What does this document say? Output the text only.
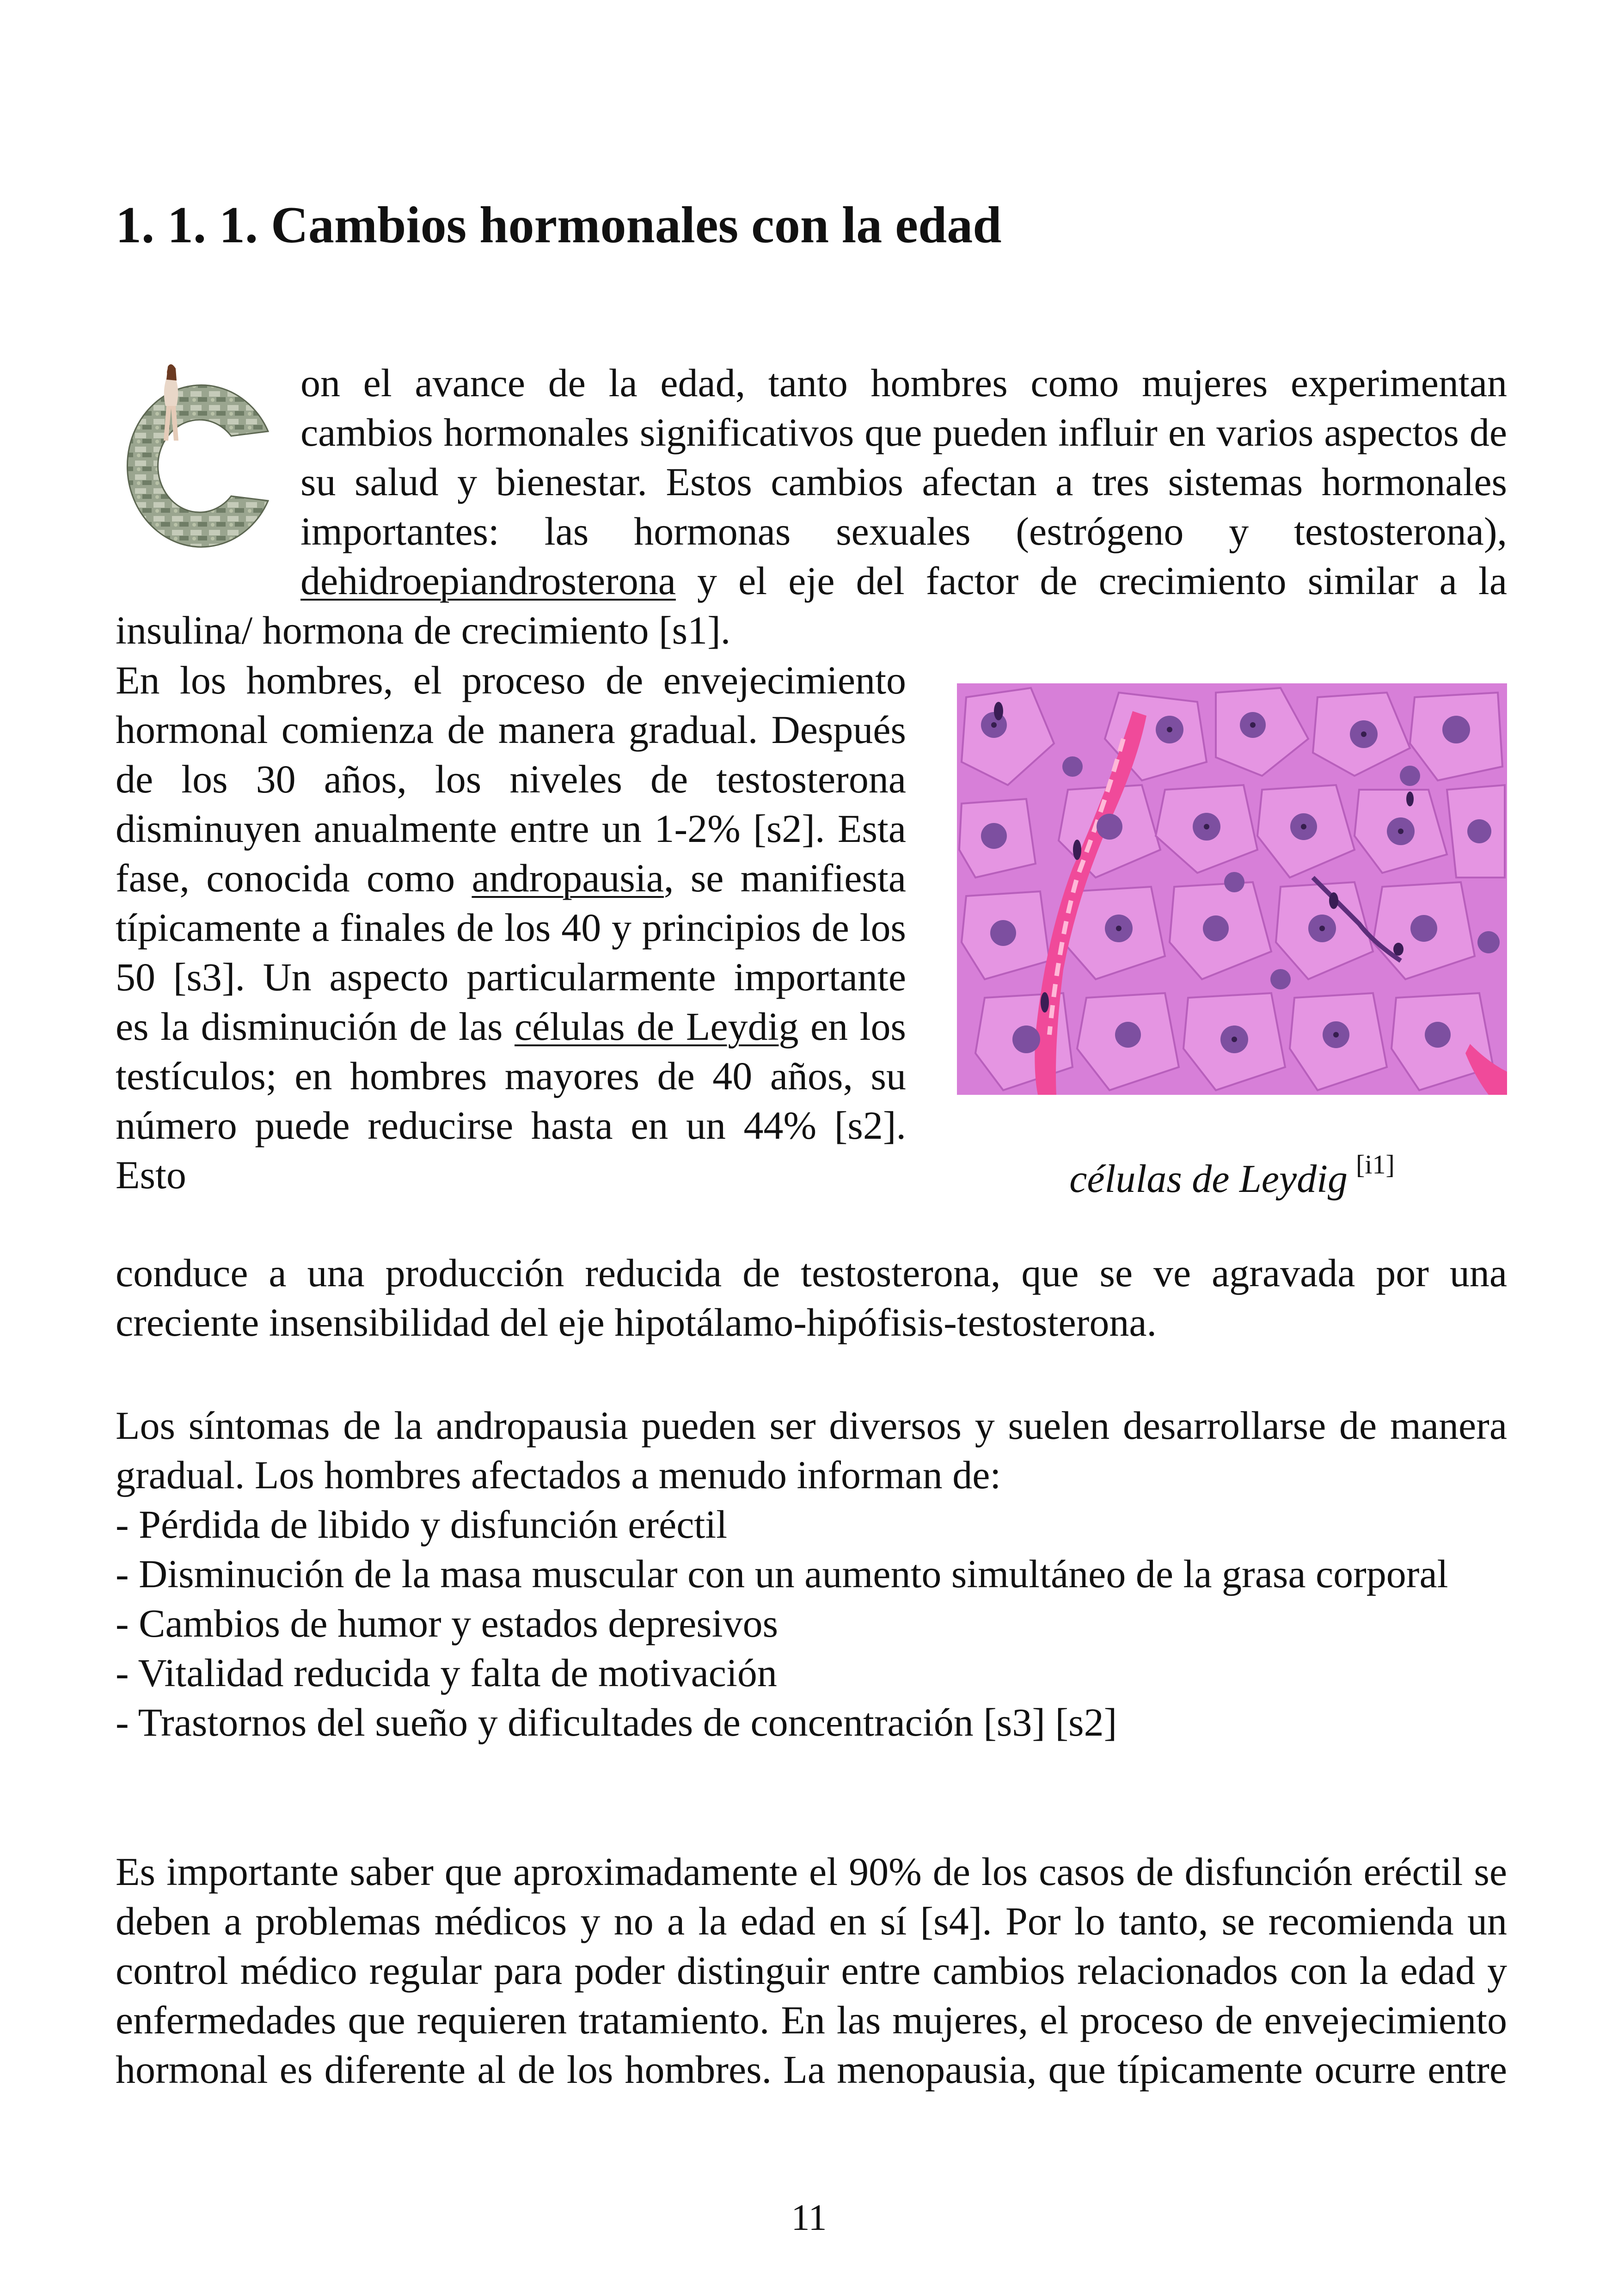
1. 1. 1. Cambios hormonales con la edad

on el avance de la edad, tanto hombres como mujeres experimentan cambios hormonales significativos que pueden influir en varios aspectos de su salud y bienestar. Estos cambios afectan a tres sistemas hormonales importantes: las hormonas sexuales (estrógeno y testosterona), dehidroepiandrosterona y el eje del factor de crecimiento similar a la insulina/ hormona de crecimiento [s1].

En los hombres, el proceso de envejecimiento hormonal comienza de manera gradual. Después de los 30 años, los niveles de testosterona disminuyen anualmente entre un 1-2% [s2]. Esta fase, conocida como andropausia, se manifiesta típicamente a finales de los 40 y principios de los 50 [s3]. Un aspecto particularmente importante es la disminución de las células de Leydig en los testículos; en hombres mayores de 40 años, su número puede reducirse hasta en un 44% [s2]. Esto	células de Leydig [i1]

conduce a una producción reducida de testosterona, que se ve agravada por una creciente insensibilidad del eje hipotálamo-hipófisis-testosterona.

Los síntomas de la andropausia pueden ser diversos y suelen desarrollarse de manera gradual. Los hombres afectados a menudo informan de:

- Pérdida de libido y disfunción eréctil

- Disminución de la masa muscular con un aumento simultáneo de la grasa corporal

- Cambios de humor y estados depresivos

- Vitalidad reducida y falta de motivación

- Trastornos del sueño y dificultades de concentración [s3] [s2]

Es importante saber que aproximadamente el 90% de los casos de disfunción eréctil se deben a problemas médicos y no a la edad en sí [s4]. Por lo tanto, se recomienda un control médico regular para poder distinguir entre cambios relacionados con la edad y enfermedades que requieren tratamiento. En las mujeres, el proceso de envejecimiento hormonal es diferente al de los hombres. La menopausia, que típicamente ocurre entre

11
